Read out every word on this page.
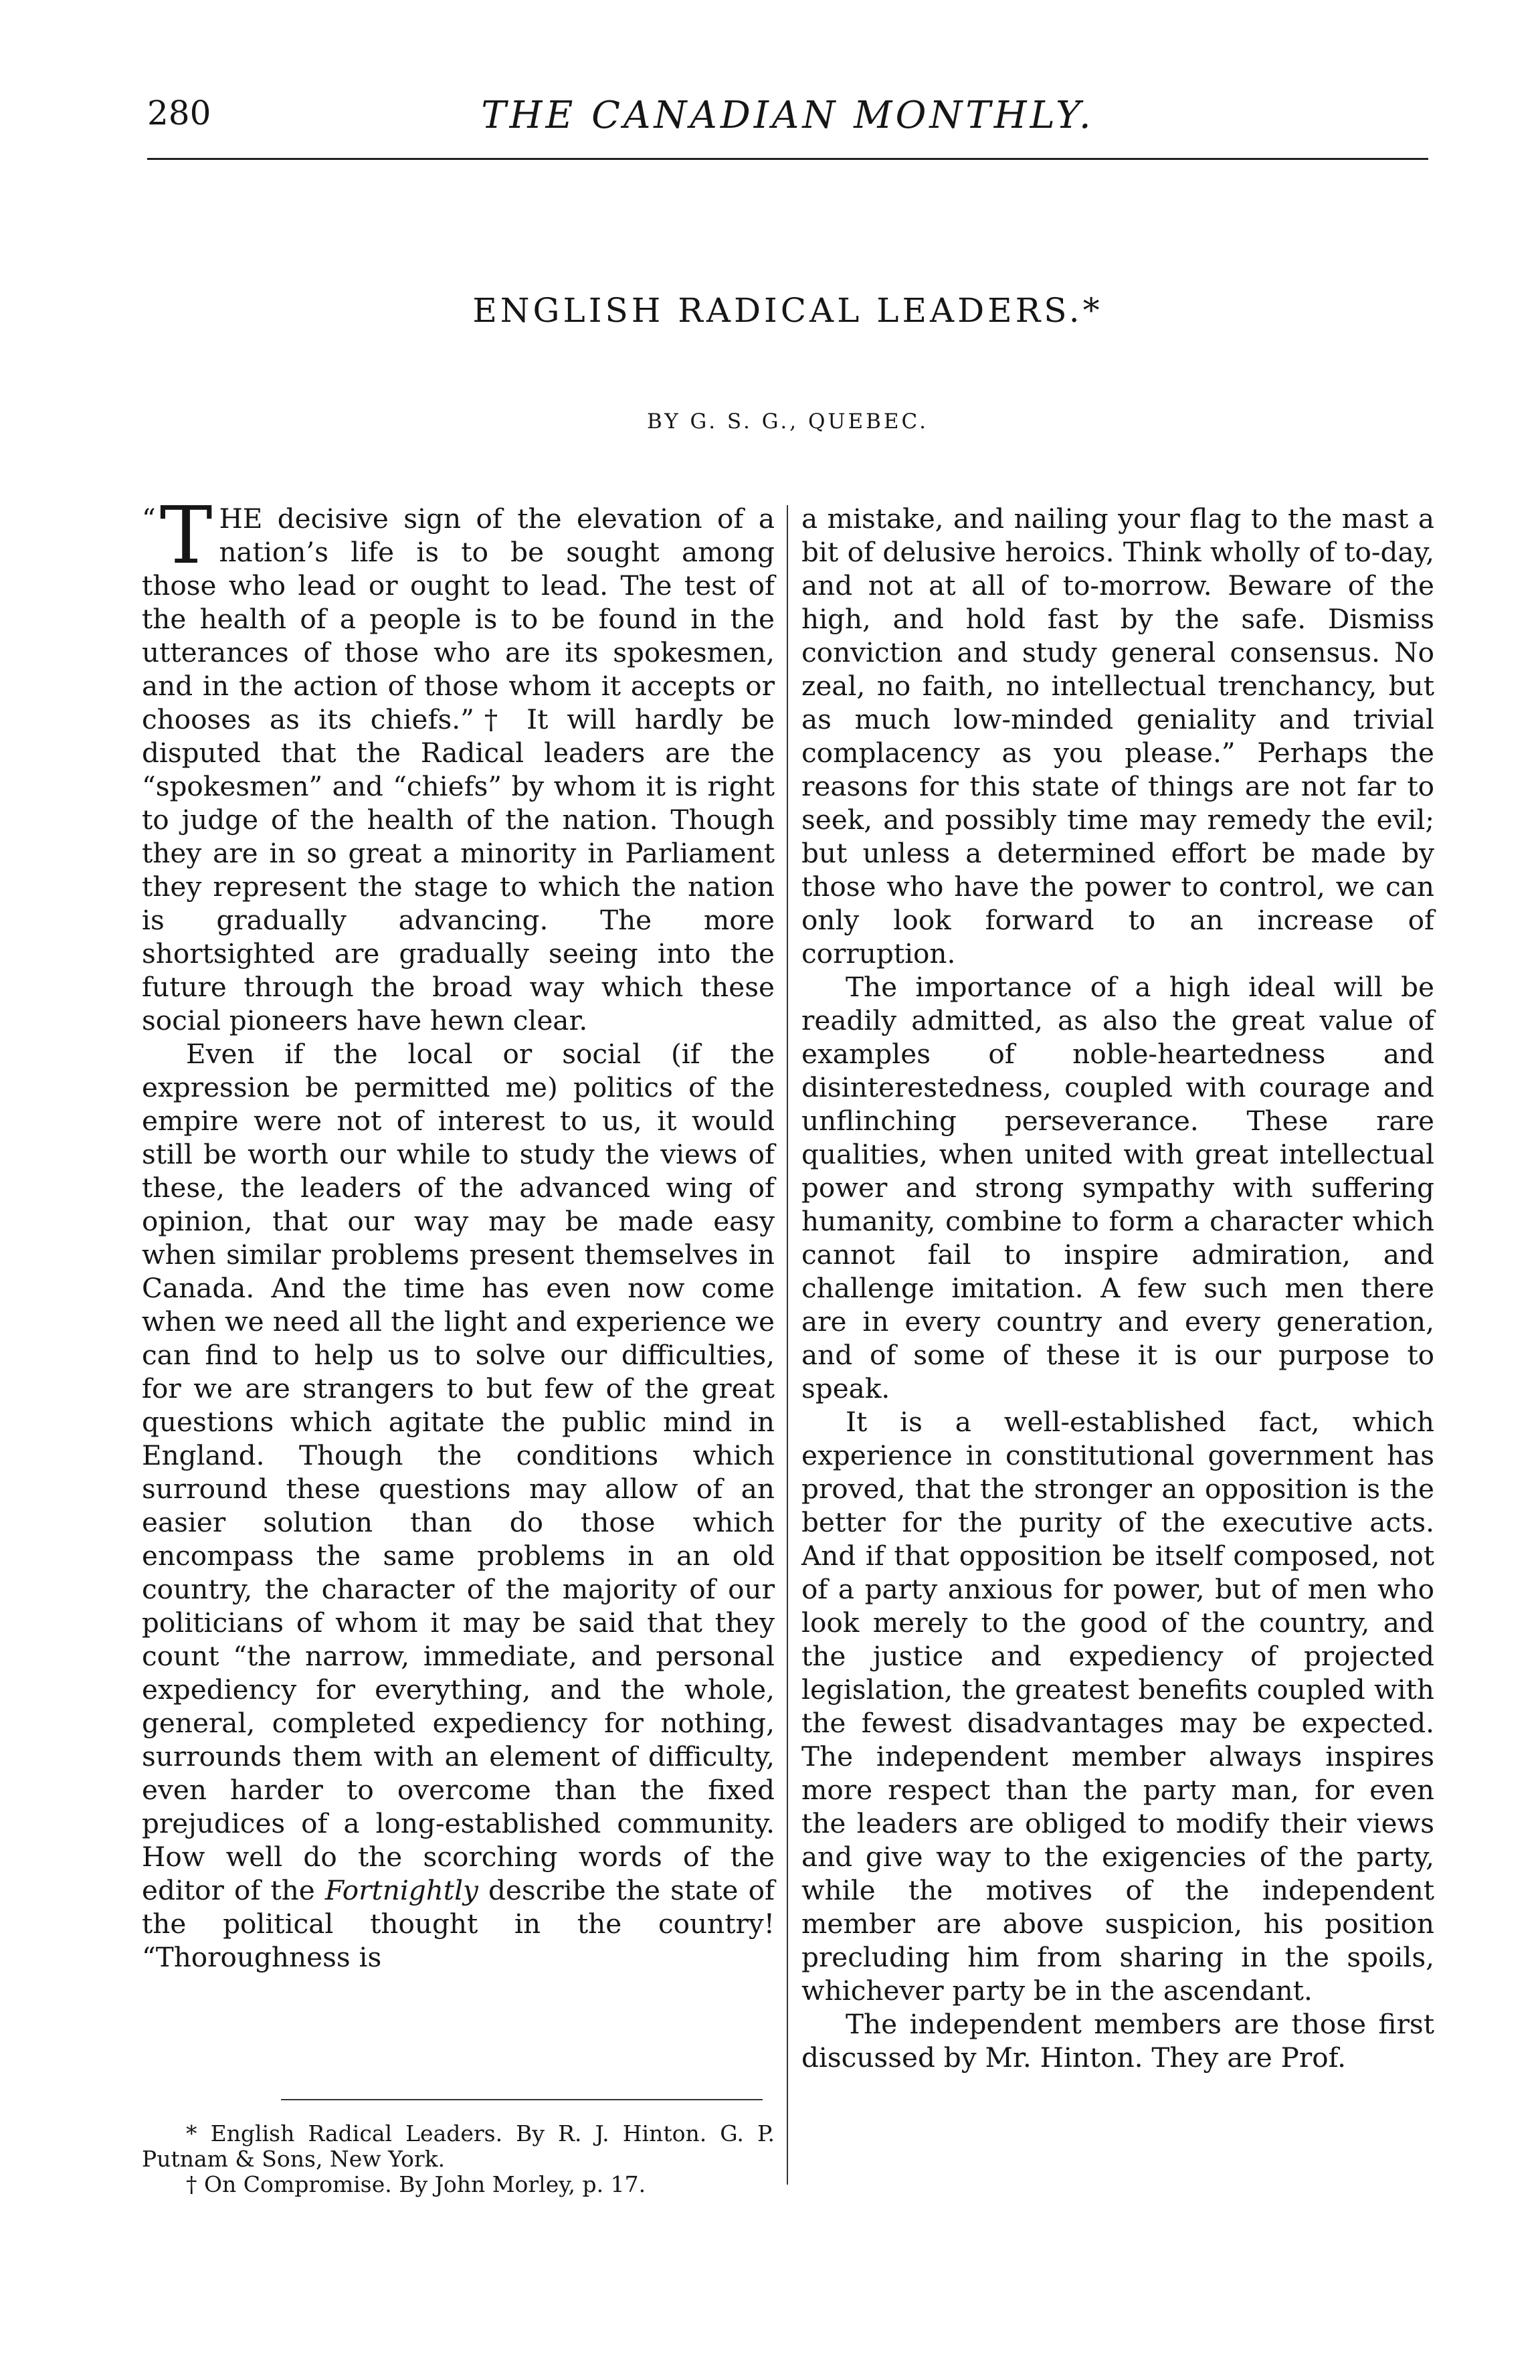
280	THE CANADIAN MONTHLY.
ENGLISH RADICAL LEADERS.*
BY G. S. G., QUEBEC.

“ T HE decisive sign of the elevation of a nation’s life is to be sought among those who lead or ought to lead. The test of the health of a people is to be found in the utterances of those who are its spokesmen, and in the action of those whom it accepts or chooses as its chiefs.”† It will hardly be disputed that the Radical leaders are the “spokesmen” and “chiefs” by whom it is right to judge of the health of the nation. Though they are in so great a minority in Parliament they represent the stage to which the nation is gradually advancing. The more shortsighted are gradually seeing into the future through the broad way which these social pioneers have hewn clear.

Even if the local or social (if the expression be permitted me) politics of the empire were not of interest to us, it would still be worth our while to study the views of these, the leaders of the advanced wing of opinion, that our way may be made easy when similar problems present themselves in Canada. And the time has even now come when we need all the light and experience we can find to help us to solve our difficulties, for we are strangers to but few of the great questions which agitate the public mind in England. Though the conditions which surround these questions may allow of an easier solution than do those which encompass the same problems in an old country, the character of the majority of our politicians of whom it may be said that they count “the narrow, immediate, and personal expediency for everything, and the whole, general, completed expediency for nothing, surrounds them with an element of difficulty, even harder to overcome than the fixed prejudices of a long-established community. How well do the scorching words of the editor of the Fortnightly describe the state of the political thought in the country! “Thoroughness is

a mistake, and nailing your flag to the mast a bit of delusive heroics. Think wholly of to-day, and not at all of to-morrow. Beware of the high, and hold fast by the safe. Dismiss conviction and study general consensus. No zeal, no faith, no intellectual trenchancy, but as much low-minded geniality and trivial complacency as you please.” Perhaps the reasons for this state of things are not far to seek, and possibly time may remedy the evil; but unless a determined effort be made by those who have the power to control, we can only look forward to an increase of corruption.

The importance of a high ideal will be readily admitted, as also the great value of examples of noble-heartedness and disinterestedness, coupled with courage and unflinching perseverance. These rare qualities, when united with great intellectual power and strong sympathy with suffering humanity, combine to form a character which cannot fail to inspire admiration, and challenge imitation. A few such men there are in every country and every generation, and of some of these it is our purpose to speak.

It is a well-established fact, which experience in constitutional government has proved, that the stronger an opposition is the better for the purity of the executive acts. And if that opposition be itself composed, not of a party anxious for power, but of men who look merely to the good of the country, and the justice and expediency of projected legislation, the greatest benefits coupled with the fewest disadvantages may be expected. The independent member always inspires more respect than the party man, for even the leaders are obliged to modify their views and give way to the exigencies of the party, while the motives of the independent member are above suspicion, his position precluding him from sharing in the spoils, whichever party be in the ascendant.

The independent members are those first discussed by Mr. Hinton. They are Prof.

* English Radical Leaders. By R. J. Hinton. G. P. Putnam & Sons, New York.

† On Compromise. By John Morley, p. 17.
